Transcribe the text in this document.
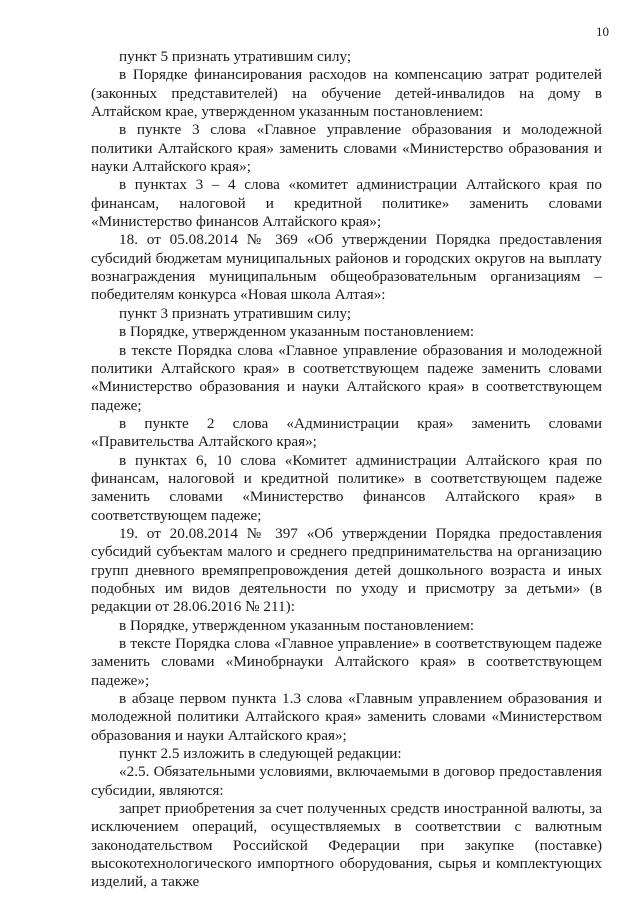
10

пункт 5 признать утратившим силу;

в Порядке финансирования расходов на компенсацию затрат родителей (законных представителей) на обучение детей-инвалидов на дому в Алтайском крае, утвержденном указанным постановлением:

в пункте 3 слова «Главное управление образования и молодежной политики Алтайского края» заменить словами «Министерство образования и науки Алтайского края»;

в пунктах 3 – 4 слова «комитет администрации Алтайского края по финансам, налоговой и кредитной политике» заменить словами «Министерство финансов Алтайского края»;

18. от 05.08.2014 № 369 «Об утверждении Порядка предоставления субсидий бюджетам муниципальных районов и городских округов на выплату вознаграждения муниципальным общеобразовательным организациям – победителям конкурса «Новая школа Алтая»:

пункт 3 признать утратившим силу;

в Порядке, утвержденном указанным постановлением:

в тексте Порядка слова «Главное управление образования и молодежной политики Алтайского края» в соответствующем падеже заменить словами «Министерство образования и науки Алтайского края» в соответствующем падеже;

в пункте 2 слова «Администрации края» заменить словами «Правительства Алтайского края»;

в пунктах 6, 10 слова «Комитет администрации Алтайского края по финансам, налоговой и кредитной политике» в соответствующем падеже заменить словами «Министерство финансов Алтайского края» в соответствующем падеже;

19. от 20.08.2014 № 397 «Об утверждении Порядка предоставления субсидий субъектам малого и среднего предпринимательства на организацию групп дневного времяпрепровождения детей дошкольного возраста и иных подобных им видов деятельности по уходу и присмотру за детьми» (в редакции от 28.06.2016 № 211):

в Порядке, утвержденном указанным постановлением:

в тексте Порядка слова «Главное управление» в соответствующем падеже заменить словами «Минобрнауки Алтайского края» в соответствующем падеже»;

в абзаце первом пункта 1.3 слова «Главным управлением образования и молодежной политики Алтайского края» заменить словами «Министерством образования и науки Алтайского края»;

пункт 2.5 изложить в следующей редакции:

«2.5. Обязательными условиями, включаемыми в договор предоставления субсидии, являются:

запрет приобретения за счет полученных средств иностранной валюты, за исключением операций, осуществляемых в соответствии с валютным законодательством Российской Федерации при закупке (поставке) высокотехнологического импортного оборудования, сырья и комплектующих изделий, а также
